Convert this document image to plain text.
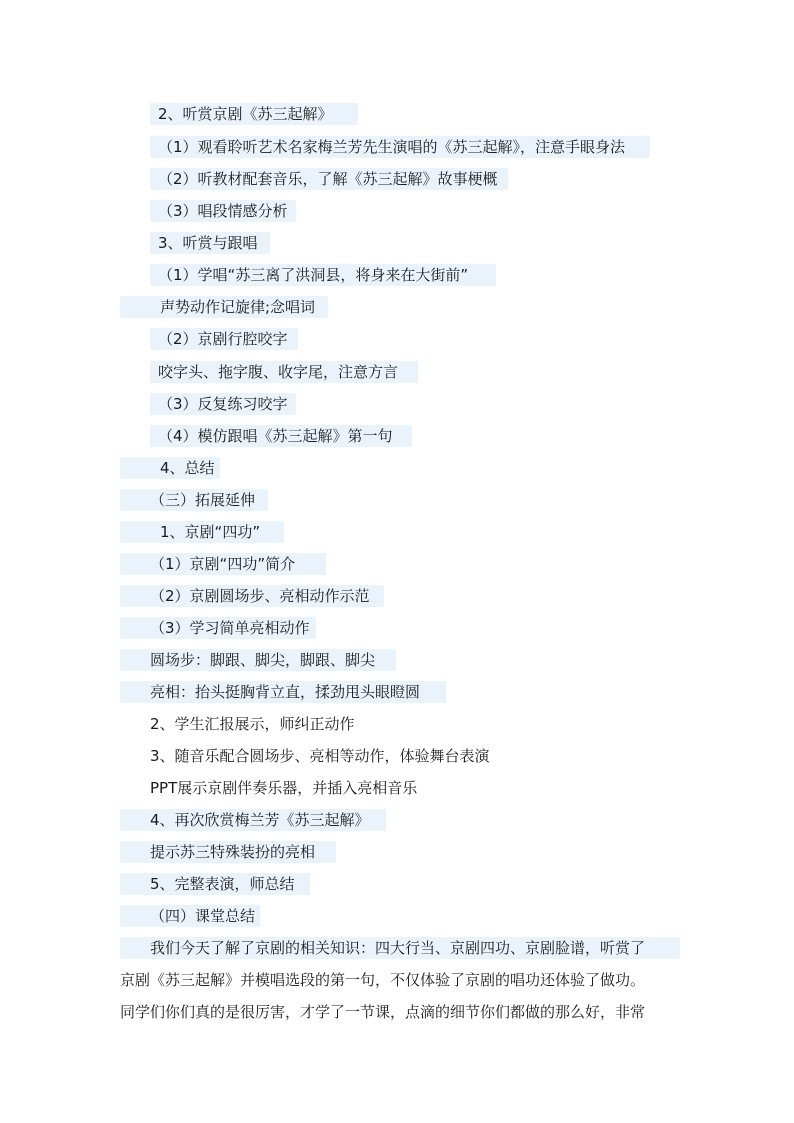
2、听赏京剧《苏三起解》
（1）观看聆听艺术名家梅兰芳先生演唱的《苏三起解》，注意手眼身法
（2）听教材配套音乐，了解《苏三起解》故事梗概
（3）唱段情感分析
3、听赏与跟唱
（1）学唱“苏三离了洪洞县，将身来在大街前”
声势动作记旋律;念唱词
（2）京剧行腔咬字
咬字头、拖字腹、收字尾，注意方言
（3）反复练习咬字
（4）模仿跟唱《苏三起解》第一句
4、总结
（三）拓展延伸
1、京剧“四功”
（1）京剧“四功”简介
（2）京剧圆场步、亮相动作示范
（3）学习简单亮相动作
圆场步：脚跟、脚尖，脚跟、脚尖
亮相：抬头挺胸背立直，揉劲甩头眼瞪圆
2、学生汇报展示，师纠正动作
3、随音乐配合圆场步、亮相等动作，体验舞台表演
PPT展示京剧伴奏乐器，并插入亮相音乐
4、再次欣赏梅兰芳《苏三起解》
提示苏三特殊装扮的亮相
5、完整表演，师总结
（四）课堂总结
我们今天了解了京剧的相关知识：四大行当、京剧四功、京剧脸谱，听赏了
京剧《苏三起解》并模唱选段的第一句，不仅体验了京剧的唱功还体验了做功。
同学们你们真的是很厉害，才学了一节课，点滴的细节你们都做的那么好，非常
